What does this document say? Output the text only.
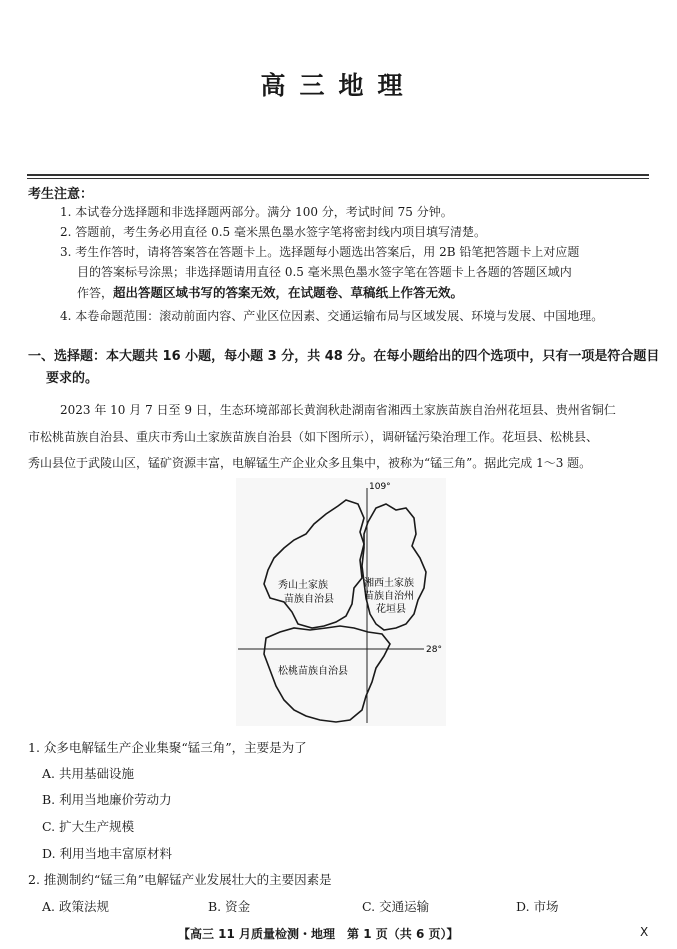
高三地理
考生注意：
1. 本试卷分选择题和非选择题两部分。满分 100 分，考试时间 75 分钟。
2. 答题前，考生务必用直径 0.5 毫米黑色墨水签字笔将密封线内项目填写清楚。
3. 考生作答时，请将答案答在答题卡上。选择题每小题选出答案后，用 2B 铅笔把答题卡上对应题
目的答案标号涂黑；非选择题请用直径 0.5 毫米黑色墨水签字笔在答题卡上各题的答题区域内
作答，超出答题区域书写的答案无效，在试题卷、草稿纸上作答无效。
4. 本卷命题范围：滚动前面内容、产业区位因素、交通运输布局与区域发展、环境与发展、中国地理。
一、选择题：本大题共 16 小题，每小题 3 分，共 48 分。在每小题给出的四个选项中，只有一项是符合题目
要求的。
2023 年 10 月 7 日至 9 日，生态环境部部长黄润秋赴湖南省湘西土家族苗族自治州花垣县、贵州省铜仁
市松桃苗族自治县、重庆市秀山土家族苗族自治县（如下图所示），调研锰污染治理工作。花垣县、松桃县、
秀山县位于武陵山区，锰矿资源丰富，电解锰生产企业众多且集中，被称为“锰三角”。据此完成 1～3 题。
109°
28°
秀山土家族
苗族自治县
湘西土家族
苗族自治州
花垣县
松桃苗族自治县
1. 众多电解锰生产企业集聚“锰三角”，主要是为了
A. 共用基础设施
B. 利用当地廉价劳动力
C. 扩大生产规模
D. 利用当地丰富原材料
2. 推测制约“锰三角”电解锰产业发展壮大的主要因素是
A. 政策法规	B. 资金	C. 交通运输	D. 市场
【高三 11 月质量检测・地理　第 1 页（共 6 页）】	X
